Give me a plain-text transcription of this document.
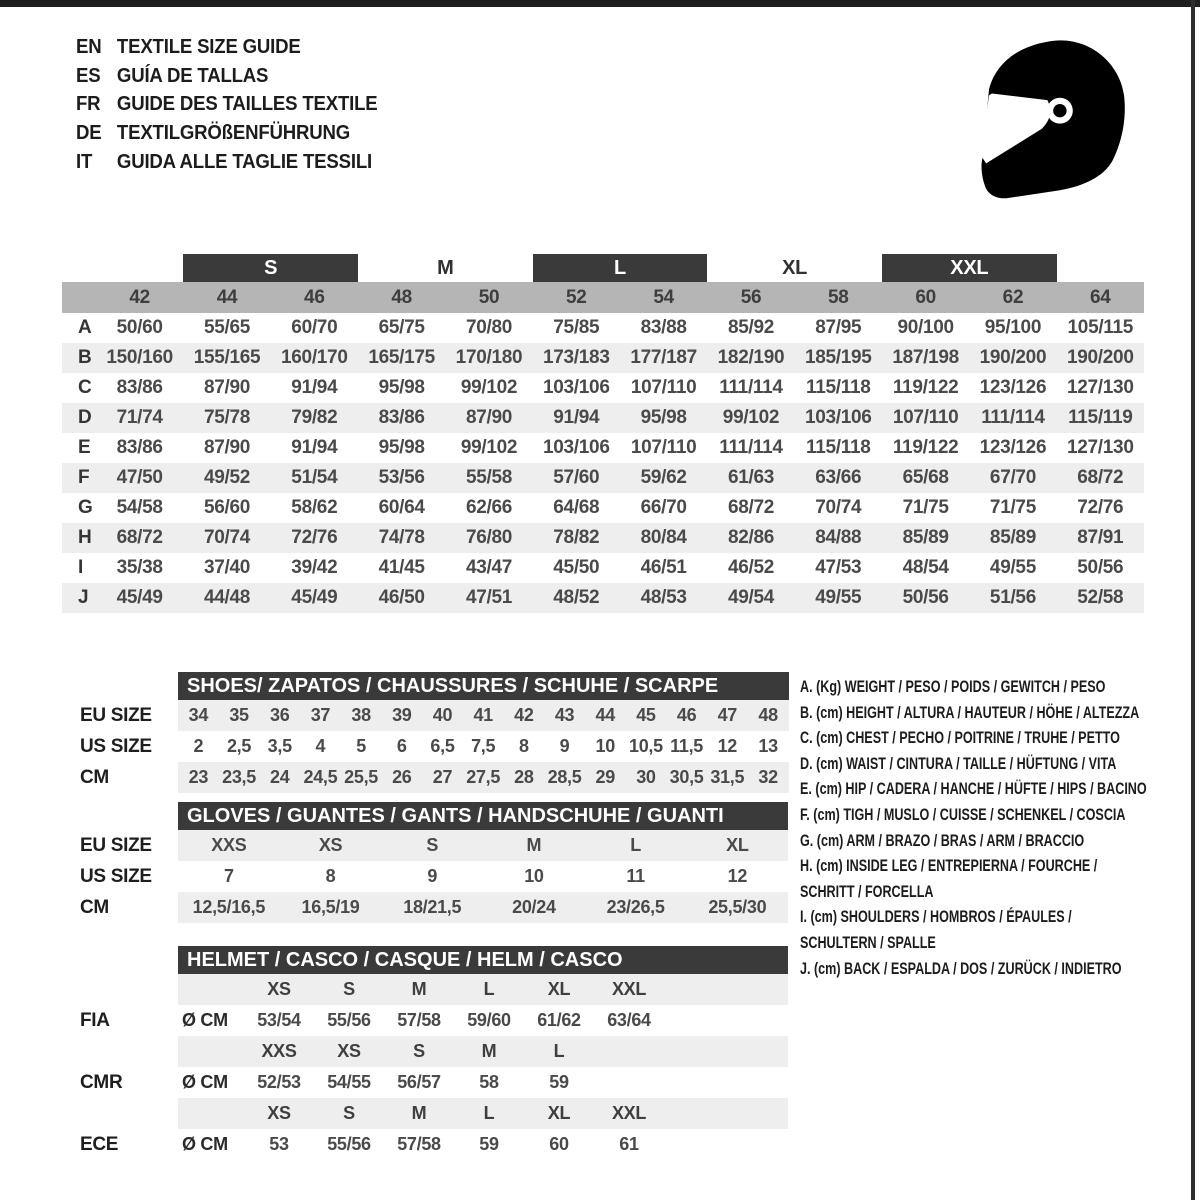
EN TEXTILE SIZE GUIDE
ES GUÍA DE TALLAS
FR GUIDE DES TAILLES TEXTILE
DE TEXTILGRÖßENFÜHRUNG
IT	GUIDA ALLE TAGLIE TESSILI
		S		M		L		XL		XXL		
	42	44	46	48	50	52	54	56	58	60	62	64
A	50/60	55/65	60/70	65/75	70/80	75/85	83/88	85/92	87/95	90/100	95/100	105/115
B	150/160	155/165	160/170	165/175	170/180	173/183	177/187	182/190	185/195	187/198	190/200	190/200
C	83/86	87/90	91/94	95/98	99/102	103/106	107/110	111/114	115/118	119/122	123/126	127/130
D	71/74	75/78	79/82	83/86	87/90	91/94	95/98	99/102	103/106	107/110	111/114	115/119
E	83/86	87/90	91/94	95/98	99/102	103/106	107/110	111/114	115/118	119/122	123/126	127/130
F	47/50	49/52	51/54	53/56	55/58	57/60	59/62	61/63	63/66	65/68	67/70	68/72
G	54/58	56/60	58/62	60/64	62/66	64/68	66/70	68/72	70/74	71/75	71/75	72/76
H	68/72	70/74	72/76	74/78	76/80	78/82	80/84	82/86	84/88	85/89	85/89	87/91
I	35/38	37/40	39/42	41/45	43/47	45/50	46/51	46/52	47/53	48/54	49/55	50/56
J	45/49	44/48	45/49	46/50	47/51	48/52	48/53	49/54	49/55	50/56	51/56	52/58
	SHOES/ ZAPATOS / CHAUSSURES / SCHUHE / SCARPE														
EU SIZE	34	35	36	37	38	39	40	41	42	43	44	45	46	47	48
US SIZE	2	2,5	3,5	4	5	6	6,5	7,5	8	9	10	10,5	11,5	12	13
CM	23	23,5	24	24,5	25,5	26	27	27,5	28	28,5	29	30	30,5	31,5	32
	GLOVES / GUANTES / GANTS / HANDSCHUHE / GUANTI					
EU SIZE	XXS	XS	S	M	L	XL
US SIZE	7	8	9	10	11	12
CM	12,5/16,5	16,5/19	18/21,5	20/24	23/26,5	25,5/30
	HELMET / CASCO / CASQUE / HELM / CASCO							
		XS	S	M	L	XL	XXL	
FIA	Ø CM	53/54	55/56	57/58	59/60	61/62	63/64	
		XXS	XS	S	M	L		
CMR	Ø CM	52/53	54/55	56/57	58	59		
		XS	S	M	L	XL	XXL	
ECE	Ø CM	53	55/56	57/58	59	60	61	
A. (Kg) WEIGHT / PESO / POIDS / GEWITCH / PESO
B. (cm) HEIGHT / ALTURA / HAUTEUR / HÖHE / ALTEZZA
C. (cm) CHEST / PECHO / POITRINE / TRUHE / PETTO
D. (cm) WAIST / CINTURA / TAILLE / HÜFTUNG / VITA
E. (cm) HIP / CADERA / HANCHE / HÜFTE / HIPS / BACINO
F. (cm) TIGH / MUSLO / CUISSE / SCHENKEL / COSCIA
G. (cm) ARM / BRAZO / BRAS / ARM / BRACCIO
H. (cm) INSIDE LEG / ENTREPIERNA / FOURCHE /
SCHRITT / FORCELLA
I. (cm) SHOULDERS / HOMBROS / ÉPAULES /
SCHULTERN / SPALLE
J. (cm) BACK / ESPALDA / DOS / ZURÜCK / INDIETRO
